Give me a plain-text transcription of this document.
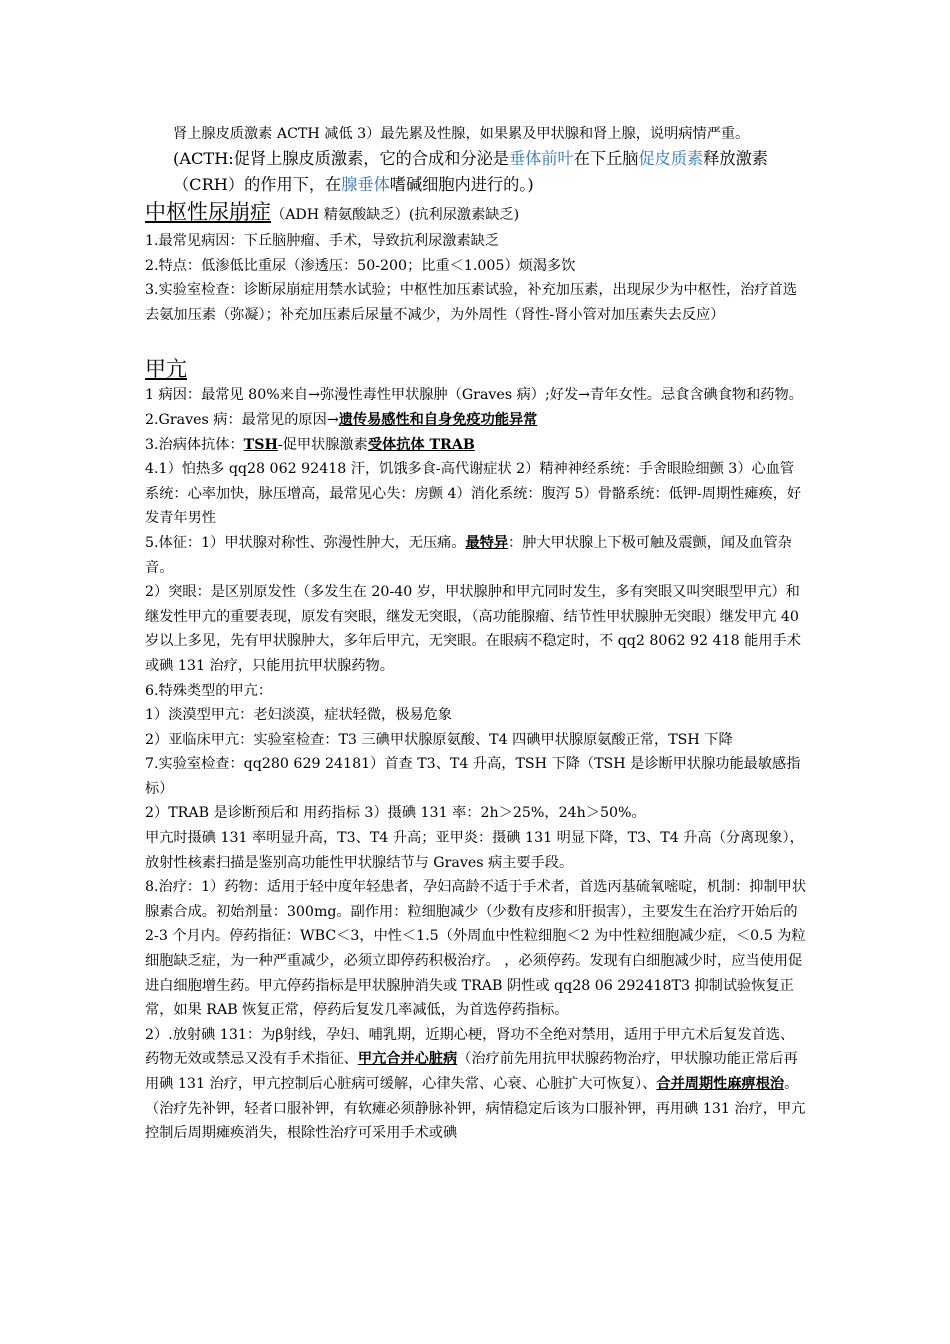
肾上腺皮质激素 ACTH 减低 3）最先累及性腺，如果累及甲状腺和肾上腺，说明病情严重。

(ACTH:促肾上腺皮质激素，它的合成和分泌是垂体前叶在下丘脑促皮质素释放激素（CRH）的作用下，在腺垂体嗜碱细胞内进行的。)

中枢性尿崩症（ADH 精氨酸缺乏）(抗利尿激素缺乏)

1.最常见病因：下丘脑肿瘤、手术，导致抗利尿激素缺乏

2.特点：低渗低比重尿（渗透压：50-200；比重＜1.005）烦渴多饮

3.实验室检查：诊断尿崩症用禁水试验；中枢性加压素试验，补充加压素，出现尿少为中枢性，治疗首选去氨加压素（弥凝）；补充加压素后尿量不减少，为外周性（肾性-肾小管对加压素失去反应）

甲亢

1 病因：最常见 80%来自→弥漫性毒性甲状腺肿（Graves 病）;好发→青年女性。忌食含碘食物和药物。

2.Graves 病：最常见的原因→遗传易感性和自身免疫功能异常

3.治病体抗体：TSH-促甲状腺激素受体抗体 TRAB

4.1）怕热多 qq28 062 92418 汗，饥饿多食-高代谢症状 2）精神神经系统：手舍眼睑细颤 3）心血管系统：心率加快，脉压增高，最常见心失：房颤 4）消化系统：腹泻 5）骨骼系统：低钾-周期性瘫痪，好发青年男性

5.体征：1）甲状腺对称性、弥漫性肿大，无压痛。最特异：肿大甲状腺上下极可触及震颤，闻及血管杂音。

2）突眼：是区别原发性（多发生在 20-40 岁，甲状腺肿和甲亢同时发生，多有突眼又叫突眼型甲亢）和继发性甲亢的重要表现，原发有突眼，继发无突眼，（高功能腺瘤、结节性甲状腺肿无突眼）继发甲亢 40 岁以上多见，先有甲状腺肿大，多年后甲亢，无突眼。在眼病不稳定时，不 qq2 8062 92 418 能用手术或碘 131 治疗，只能用抗甲状腺药物。

6.特殊类型的甲亢：

1）淡漠型甲亢：老妇淡漠，症状轻微，极易危象

2）亚临床甲亢：实验室检查：T3 三碘甲状腺原氨酸、T4 四碘甲状腺原氨酸正常，TSH 下降

7.实验室检查：qq280 629 24181）首查 T3、T4 升高，TSH 下降（TSH 是诊断甲状腺功能最敏感指标）

2）TRAB 是诊断预后和 用药指标 3）摄碘 131 率：2h＞25%，24h＞50%。

甲亢时摄碘 131 率明显升高，T3、T4 升高；亚甲炎：摄碘 131 明显下降，T3、T4 升高（分离现象），放射性核素扫描是鉴别高功能性甲状腺结节与 Graves 病主要手段。

8.治疗：1）药物：适用于轻中度年轻患者，孕妇高龄不适于手术者，首选丙基硫氧嘧啶，机制：抑制甲状腺素合成。初始剂量：300mg。副作用：粒细胞减少（少数有皮疹和肝损害），主要发生在治疗开始后的 2-3 个月内。停药指征：WBC＜3，中性＜1.5（外周血中性粒细胞＜2 为中性粒细胞减少症，＜0.5 为粒细胞缺乏症，为一种严重减少，必须立即停药积极治疗。 ，必须停药。发现有白细胞减少时，应当使用促进白细胞增生药。甲亢停药指标是甲状腺肿消失或 TRAB 阴性或 qq28 06 292418T3 抑制试验恢复正常，如果 RAB 恢复正常，停药后复发几率减低，为首选停药指标。

2）.放射碘 131：为β射线，孕妇、哺乳期，近期心梗，肾功不全绝对禁用，适用于甲亢术后复发首选、药物无效或禁忌又没有手术指征、甲亢合并心脏病（治疗前先用抗甲状腺药物治疗，甲状腺功能正常后再用碘 131 治疗，甲亢控制后心脏病可缓解，心律失常、心衰、心脏扩大可恢复）、合并周期性麻痹根治。（治疗先补钾，轻者口服补钾，有软瘫必须静脉补钾，病情稳定后该为口服补钾，再用碘 131 治疗，甲亢控制后周期瘫痪消失，根除性治疗可采用手术或碘
